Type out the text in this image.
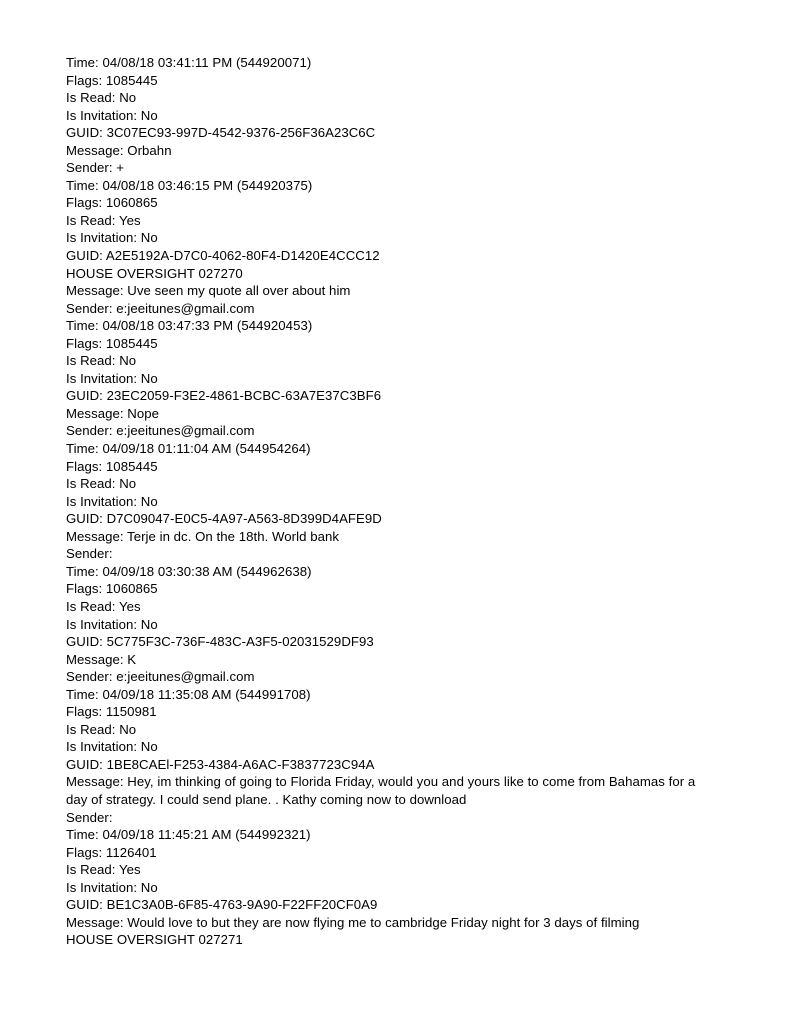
Time: 04/08/18 03:41:11 PM (544920071)
Flags: 1085445
Is Read: No
Is Invitation: No
GUID: 3C07EC93-997D-4542-9376-256F36A23C6C
Message: Orbahn
Sender: +
Time: 04/08/18 03:46:15 PM (544920375)
Flags: 1060865
Is Read: Yes
Is Invitation: No
GUID: A2E5192A-D7C0-4062-80F4-D1420E4CCC12
HOUSE OVERSIGHT 027270
Message: Uve seen my quote all over about him
Sender: e:jeeitunes@gmail.com
Time: 04/08/18 03:47:33 PM (544920453)
Flags: 1085445
Is Read: No
Is Invitation: No
GUID: 23EC2059-F3E2-4861-BCBC-63A7E37C3BF6
Message: Nope
Sender: e:jeeitunes@gmail.com
Time: 04/09/18 01:11:04 AM (544954264)
Flags: 1085445
Is Read: No
Is Invitation: No
GUID: D7C09047-E0C5-4A97-A563-8D399D4AFE9D
Message: Terje in dc. On the 18th. World bank
Sender:
Time: 04/09/18 03:30:38 AM (544962638)
Flags: 1060865
Is Read: Yes
Is Invitation: No
GUID: 5C775F3C-736F-483C-A3F5-02031529DF93
Message: K
Sender: e:jeeitunes@gmail.com
Time: 04/09/18 11:35:08 AM (544991708)
Flags: 1150981
Is Read: No
Is Invitation: No
GUID: 1BE8CAEl-F253-4384-A6AC-F3837723C94A
Message: Hey, im thinking of going to Florida Friday, would you and yours like to come from Bahamas for a day of strategy. I could send plane. . Kathy coming now to download
Sender:
Time: 04/09/18 11:45:21 AM (544992321)
Flags: 1126401
Is Read: Yes
Is Invitation: No
GUID: BE1C3A0B-6F85-4763-9A90-F22FF20CF0A9
Message: Would love to but they are now flying me to cambridge Friday night for 3 days of filming
HOUSE OVERSIGHT 027271
